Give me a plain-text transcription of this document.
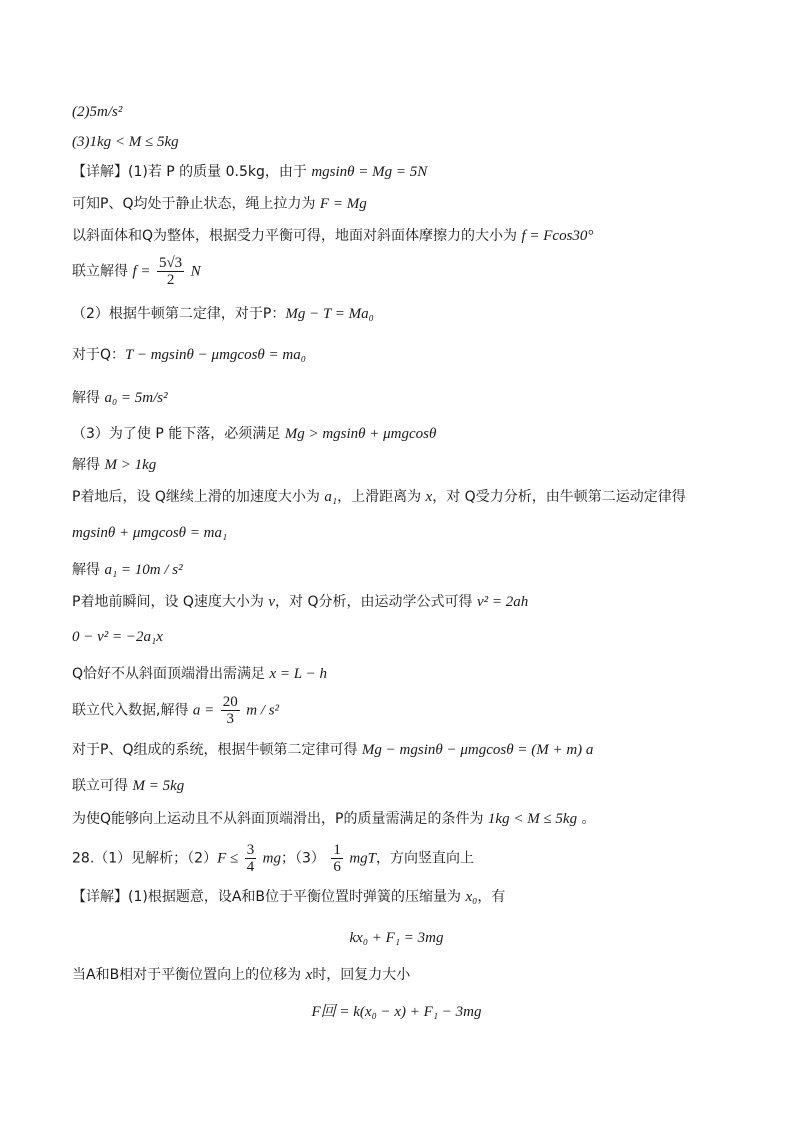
(2)5m/s²
(3)1kg < M ≤ 5kg
【详解】(1)若 P 的质量 0.5kg，由于 mgsinθ = Mg = 5N
可知P、Q均处于静止状态，绳上拉力为 F = Mg
以斜面体和Q为整体，根据受力平衡可得，地面对斜面体摩擦力的大小为 f = Fcos30°
联立解得 $f = \frac{5√3}{2}$ N
（2）根据牛顿第二定律，对于P：Mg − T = Ma₀
对于Q：T − mgsinθ − μmgcosθ = ma₀
解得 a₀ = 5m/s²
（3）为了使 P 能下落，必须满足 Mg > mgsinθ + μmgcosθ
解得 M > 1kg
P着地后，设 Q继续上滑的加速度大小为 a₁，上滑距离为 x，对 Q受力分析，由牛顿第二运动定律得
mgsinθ + μmgcosθ = ma₁
解得 a₁ = 10m / s²
P着地前瞬间，设 Q速度大小为 v，对 Q分析，由运动学公式可得 v² = 2ah
0 − v² = −2a₁x
Q恰好不从斜面顶端滑出需满足 x = L − h
联立代入数据,解得 $a = \frac{20}{3}$ m / s²
对于P、Q组成的系统，根据牛顿第二定律可得 Mg − mgsinθ − μmgcosθ = (M + m) a
联立可得 M = 5kg
为使Q能够向上运动且不从斜面顶端滑出，P的质量需满足的条件为 1kg < M ≤ 5kg 。
28.（1）见解析；$(2)F \le \frac{3}{4}$ mg；$(3) \frac{1}{6}$ mgT，方向竖直向上
【详解】(1)根据题意，设A和B位于平衡位置时弹簧的压缩量为 x₀，有
kx₀ + F₁ = 3mg
当A和B相对于平衡位置向上的位移为 x时，回复力大小
F回 = k(x₀ − x) + F₁ − 3mg
